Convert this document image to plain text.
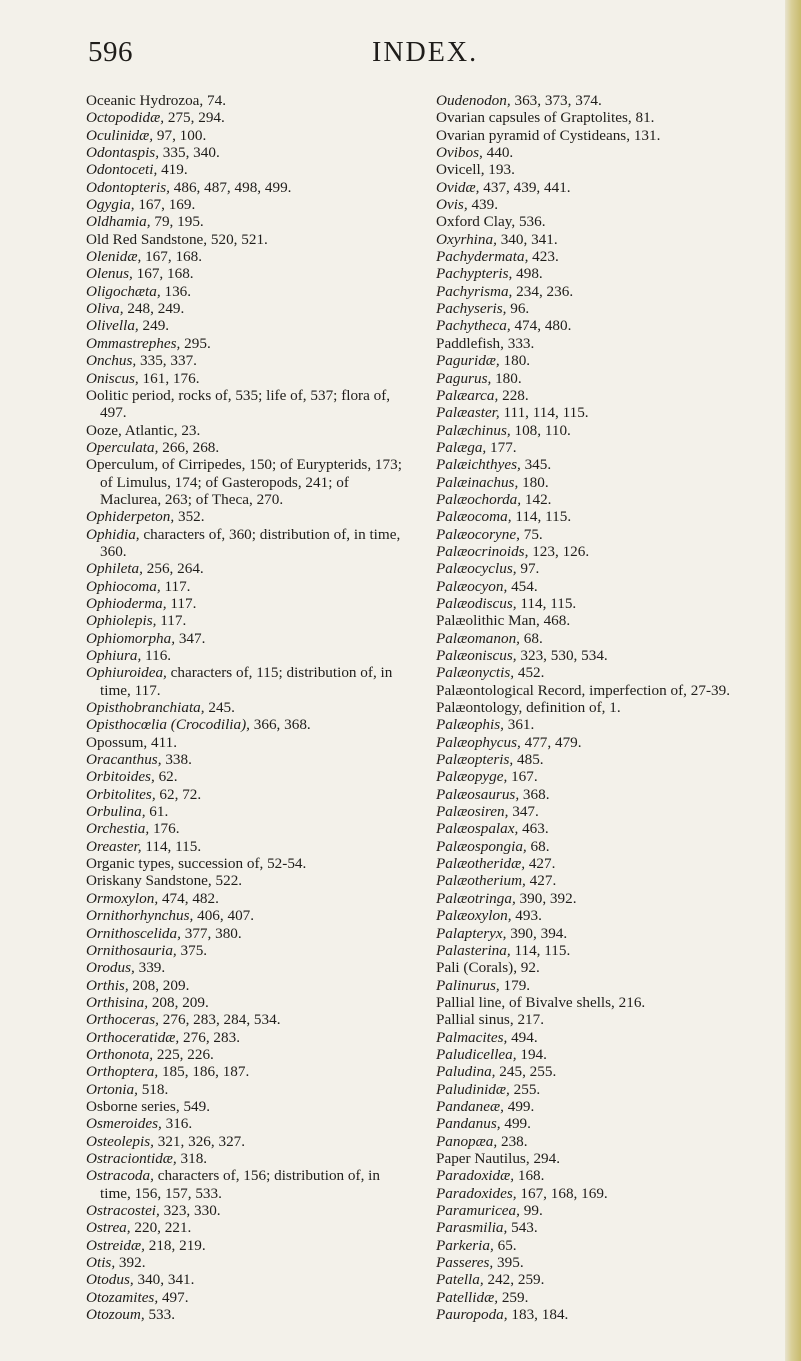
596	INDEX.
Oceanic Hydrozoa, 74.
Octopodidæ, 275, 294.
Oculinidæ, 97, 100.
Odontaspis, 335, 340.
Odontoceti, 419.
Odontopteris, 486, 487, 498, 499.
Ogygia, 167, 169.
Oldhamia, 79, 195.
Old Red Sandstone, 520, 521.
Olenidæ, 167, 168.
Olenus, 167, 168.
Oligochæta, 136.
Oliva, 248, 249.
Olivella, 249.
Ommastrephes, 295.
Onchus, 335, 337.
Oniscus, 161, 176.
Oolitic period, rocks of, 535; life of, 537; flora of, 497.
Ooze, Atlantic, 23.
Operculata, 266, 268.
Operculum, of Cirripedes, 150; of Eurypterids, 173; of Limulus, 174; of Gasteropods, 241; of Maclurea, 263; of Theca, 270.
Ophiderpeton, 352.
Ophidia, characters of, 360; distribution of, in time, 360.
Ophileta, 256, 264.
Ophiocoma, 117.
Ophioderma, 117.
Ophiolepis, 117.
Ophiomorpha, 347.
Ophiura, 116.
Ophiuroidea, characters of, 115; distribution of, in time, 117.
Opisthobranchiata, 245.
Opisthocœlia (Crocodilia), 366, 368.
Opossum, 411.
Oracanthus, 338.
Orbitoides, 62.
Orbitolites, 62, 72.
Orbulina, 61.
Orchestia, 176.
Oreaster, 114, 115.
Organic types, succession of, 52-54.
Oriskany Sandstone, 522.
Ormoxylon, 474, 482.
Ornithorhynchus, 406, 407.
Ornithoscelida, 377, 380.
Ornithosauria, 375.
Orodus, 339.
Orthis, 208, 209.
Orthisina, 208, 209.
Orthoceras, 276, 283, 284, 534.
Orthoceratidæ, 276, 283.
Orthonota, 225, 226.
Orthoptera, 185, 186, 187.
Ortonia, 518.
Osborne series, 549.
Osmeroides, 316.
Osteolepis, 321, 326, 327.
Ostraciontidæ, 318.
Ostracoda, characters of, 156; distribution of, in time, 156, 157, 533.
Ostracostei, 323, 330.
Ostrea, 220, 221.
Ostreidæ, 218, 219.
Otis, 392.
Otodus, 340, 341.
Otozamites, 497.
Otozoum, 533.
Oudenodon, 363, 373, 374.
Ovarian capsules of Graptolites, 81.
Ovarian pyramid of Cystideans, 131.
Ovibos, 440.
Ovicell, 193.
Ovidæ, 437, 439, 441.
Ovis, 439.
Oxford Clay, 536.
Oxyrhina, 340, 341.
Pachydermata, 423.
Pachypteris, 498.
Pachyrisma, 234, 236.
Pachyseris, 96.
Pachytheca, 474, 480.
Paddlefish, 333.
Paguridæ, 180.
Pagurus, 180.
Palæarca, 228.
Palæaster, 111, 114, 115.
Palæchinus, 108, 110.
Palæga, 177.
Palæichthyes, 345.
Palæinachus, 180.
Palæochorda, 142.
Palæocoma, 114, 115.
Palæocoryne, 75.
Palæocrinoids, 123, 126.
Palæocyclus, 97.
Palæocyon, 454.
Palæodiscus, 114, 115.
Palæolithic Man, 468.
Palæomanon, 68.
Palæoniscus, 323, 530, 534.
Palæonyctis, 452.
Palæontological Record, imperfection of, 27-39.
Palæontology, definition of, 1.
Palæophis, 361.
Palæophycus, 477, 479.
Palæopteris, 485.
Palæopyge, 167.
Palæosaurus, 368.
Palæosiren, 347.
Palæospalax, 463.
Palæospongia, 68.
Palæotheridæ, 427.
Palæotherium, 427.
Palæotringa, 390, 392.
Palæoxylon, 493.
Palapteryx, 390, 394.
Palasterina, 114, 115.
Pali (Corals), 92.
Palinurus, 179.
Pallial line, of Bivalve shells, 216.
Pallial sinus, 217.
Palmacites, 494.
Paludicellea, 194.
Paludina, 245, 255.
Paludinidæ, 255.
Pandaneæ, 499.
Pandanus, 499.
Panopæa, 238.
Paper Nautilus, 294.
Paradoxidæ, 168.
Paradoxides, 167, 168, 169.
Paramuricea, 99.
Parasmilia, 543.
Parkeria, 65.
Passeres, 395.
Patella, 242, 259.
Patellidæ, 259.
Pauropoda, 183, 184.
